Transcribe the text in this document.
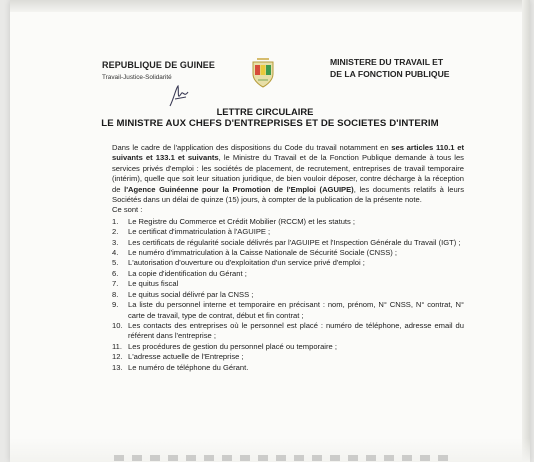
REPUBLIQUE DE GUINEE
Travail-Justice-Solidarité
MINISTERE DU TRAVAIL ET
DE LA FONCTION PUBLIQUE
LETTRE CIRCULAIRE
LE MINISTRE AUX CHEFS D'ENTREPRISES ET DE SOCIETES D'INTERIM

Dans le cadre de l'application des dispositions du Code du travail notamment en ses articles 110.1 et suivants et 133.1 et suivants, le Ministre du Travail et de la Fonction Publique demande à tous les services privés d'emploi : les sociétés de placement, de recrutement, entreprises de travail temporaire (intérim), quelle que soit leur situation juridique, de bien vouloir déposer, contre décharge à la réception de l'Agence Guinéenne pour la Promotion de l'Emploi (AGUIPE), les documents relatifs à leurs Sociétés dans un délai de quinze (15) jours, à compter de la publication de la présente note.

Ce sont :

1.	Le Registre du Commerce et Crédit Mobilier (RCCM) et les statuts ;
2.	Le certificat d'immatriculation à l'AGUIPE ;
3.	Les certificats de régularité sociale délivrés par l'AGUIPE et l'Inspection Générale du Travail (IGT) ;
4.	Le numéro d'immatriculation à la Caisse Nationale de Sécurité Sociale (CNSS) ;
5.	L'autorisation d'ouverture ou d'exploitation d'un service privé d'emploi ;
6.	La copie d'identification du Gérant ;
7.	Le quitus fiscal
8.	Le quitus social délivré par la CNSS ;
9.	La liste du personnel interne et temporaire en précisant : nom, prénom, N° CNSS, N° contrat, N° carte de travail, type de contrat, début et fin contrat ;
10. Les contacts des entreprises où le personnel est placé : numéro de téléphone, adresse email du référent dans l'entreprise ;
11. Les procédures de gestion du personnel placé ou temporaire ;
12. L'adresse actuelle de l'Entreprise ;
13. Le numéro de téléphone du Gérant.
